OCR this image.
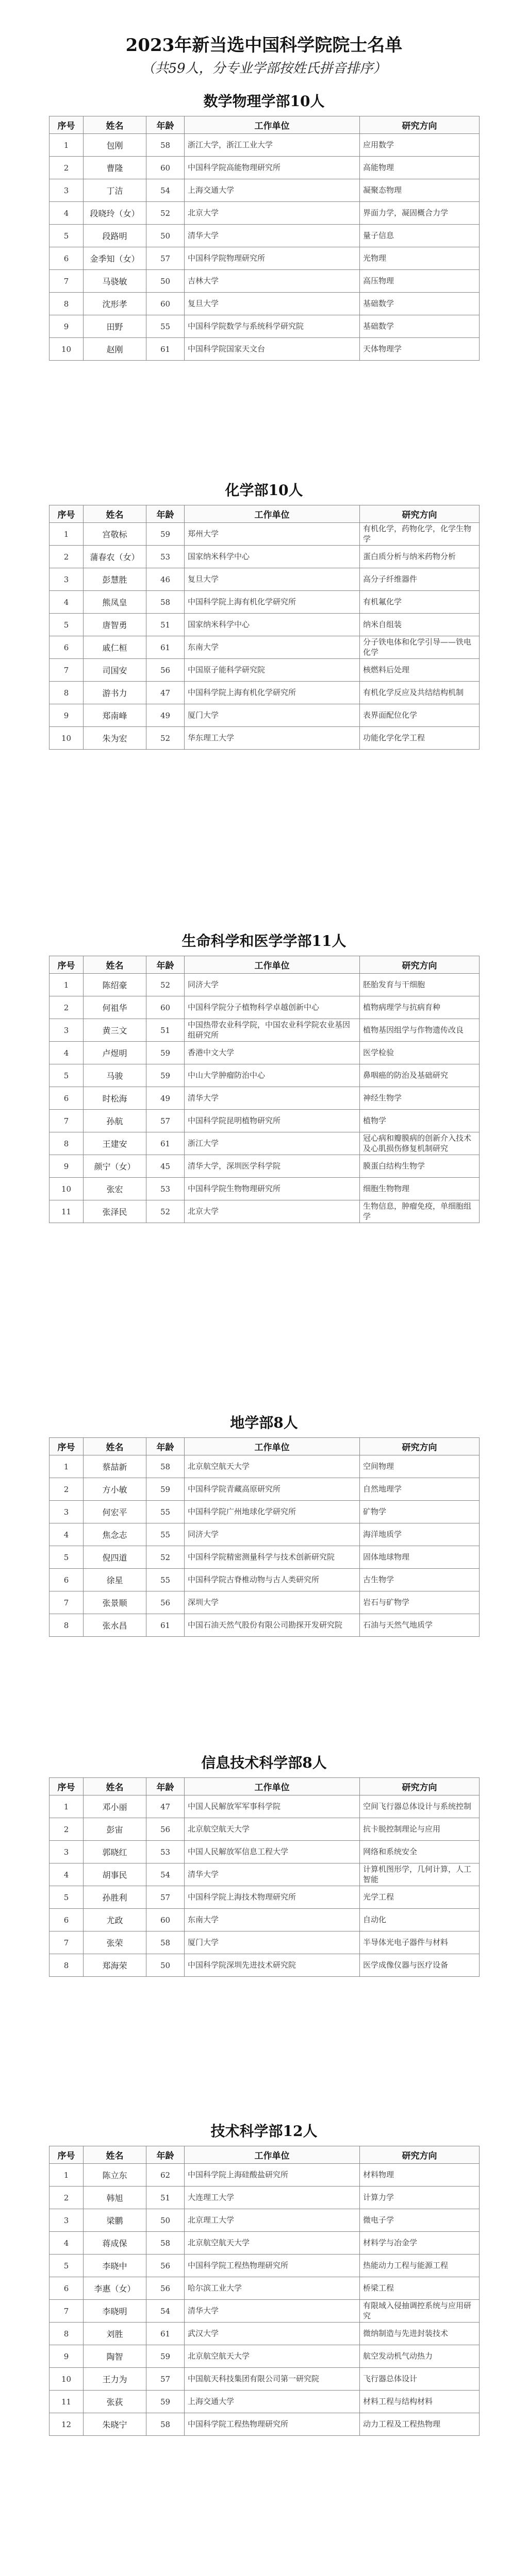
2023年新当选中国科学院院士名单
（共59人，分专业学部按姓氏拼音排序）
数学物理学部10人
序号	姓名	年龄	工作单位	研究方向
1	包刚	58	浙江大学，浙江工业大学	应用数学
2	曹隆	60	中国科学院高能物理研究所	高能物理
3	丁洁	54	上海交通大学	凝聚态物理
4	段晓玲（女）	52	北京大学	界面力学，凝固概合力学
5	段路明	50	清华大学	量子信息
6	金季知（女）	57	中国科学院物理研究所	光物理
7	马骁敏	50	吉林大学	高压物理
8	沈形孝	60	复旦大学	基础数学
9	田野	55	中国科学院数学与系统科学研究院	基础数学
10	赵刚	61	中国科学院国家天文台	天体物理学
化学部10人
序号	姓名	年龄	工作单位	研究方向
1	宫敬标	59	郑州大学	有机化学，药物化学，化学生物学
2	蒲春农（女）	53	国家纳米科学中心	蛋白质分析与纳米药物分析
3	彭慧胜	46	复旦大学	高分子纤维器件
4	熊凤皇	58	中国科学院上海有机化学研究所	有机氟化学
5	唐智勇	51	国家纳米科学中心	纳米自组装
6	戚仁桓	61	东南大学	分子铁电体和化学引导——铁电化学
7	司国安	56	中国原子能科学研究院	核燃料后处理
8	游书力	47	中国科学院上海有机化学研究所	有机化学反应及共结结构机制
9	郑南峰	49	厦门大学	表界面配位化学
10	朱为宏	52	华东理工大学	功能化学化学工程
生命科学和医学学部11人
序号	姓名	年龄	工作单位	研究方向
1	陈绍豪	52	同济大学	胚胎发育与干细胞
2	何祖华	60	中国科学院分子植物科学卓越创新中心	植物病理学与抗病育种
3	黄三文	51	中国热带农业科学院，中国农业科学院农业基因组研究所	植物基因组学与作物遗传改良
4	卢煜明	59	香港中文大学	医学检验
5	马骏	59	中山大学肿瘤防治中心	鼻咽癌的防治及基础研究
6	时松海	49	清华大学	神经生物学
7	孙航	57	中国科学院昆明植物研究所	植物学
8	王建安	61	浙江大学	冠心病和瓣膜病的创新介入技术及心肌损伤修复机制研究
9	颜宁（女）	45	清华大学，深圳医学科学院	膜蛋白结构生物学
10	张宏	53	中国科学院生物物理研究所	细胞生物物理
11	张泽民	52	北京大学	生物信息，肿瘤免疫，单细胞组学
地学部8人
序号	姓名	年龄	工作单位	研究方向
1	蔡喆新	58	北京航空航天大学	空间物理
2	方小敏	59	中国科学院青藏高原研究所	自然地理学
3	何宏平	55	中国科学院广州地球化学研究所	矿物学
4	焦念志	55	同济大学	海洋地质学
5	倪四道	52	中国科学院精密测量科学与技术创新研究院	固体地球物理
6	徐星	55	中国科学院古脊椎动物与古人类研究所	古生物学
7	张景顺	56	深圳大学	岩石与矿物学
8	张水昌	61	中国石油天然气股份有限公司勘探开发研究院	石油与天然气地质学
信息技术科学部8人
序号	姓名	年龄	工作单位	研究方向
1	邓小丽	47	中国人民解放军军事科学院	空间飞行器总体设计与系统控制
2	彭宙	56	北京航空航天大学	抗卡脱控制理论与应用
3	郭晓红	53	中国人民解放军信息工程大学	网络和系统安全
4	胡事民	54	清华大学	计算机图形学，几何计算，人工智能
5	孙胜利	57	中国科学院上海技术物理研究所	光学工程
6	尤政	60	东南大学	自动化
7	张荣	58	厦门大学	半导体光电子器件与材料
8	郑海荣	50	中国科学院深圳先进技术研究院	医学成像仪器与医疗设备
技术科学部12人
序号	姓名	年龄	工作单位	研究方向
1	陈立东	62	中国科学院上海硅酸盐研究所	材料物理
2	韩旭	51	大连理工大学	计算力学
3	梁鹏	50	北京理工大学	微电子学
4	蒋成保	58	北京航空航天大学	材料学与冶金学
5	李晓中	56	中国科学院工程热物理研究所	热能动力工程与能源工程
6	李惠（女）	56	哈尔滨工业大学	桥梁工程
7	李晓明	54	清华大学	有限域入侵抽调控系统与应用研究
8	刘胜	61	武汉大学	微纳制造与先进封装技术
9	陶智	59	北京航空航天大学	航空发动机气动热力
10	王力为	57	中国航天科技集团有限公司第一研究院	飞行器总体设计
11	张荻	59	上海交通大学	材料工程与结构材料
12	朱晓宁	58	中国科学院工程热物理研究所	动力工程及工程热物理
